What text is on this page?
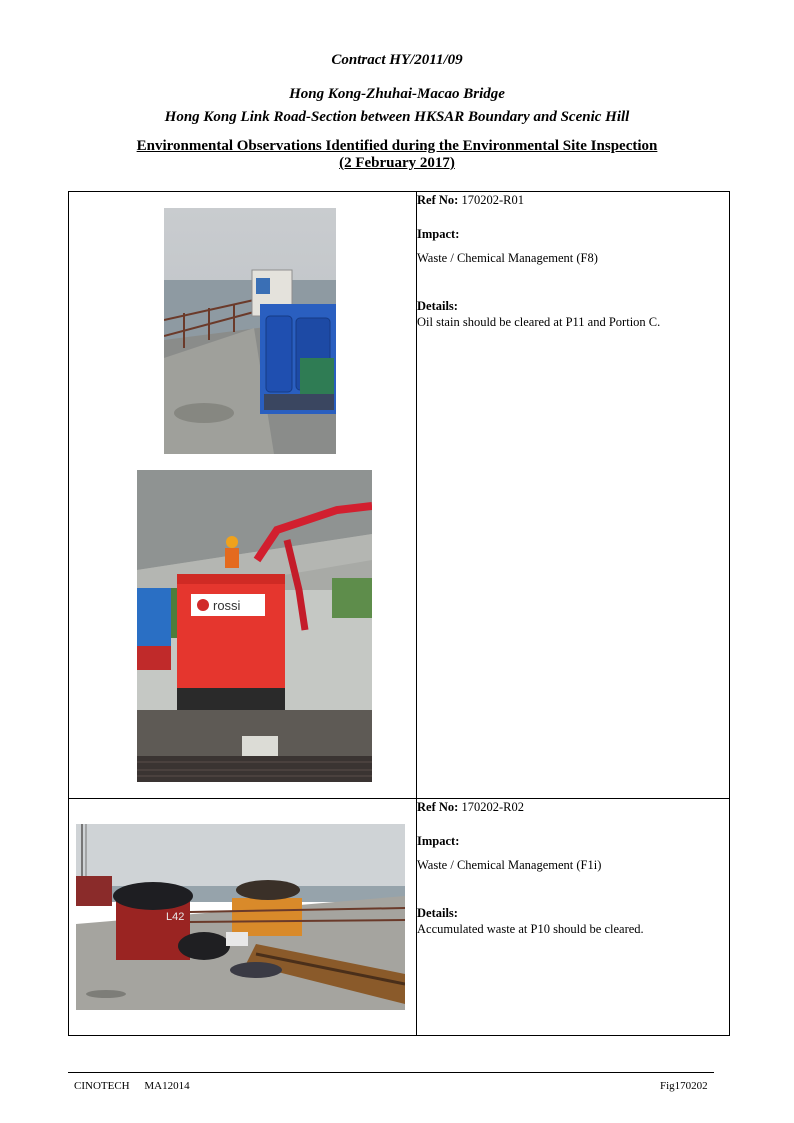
Contract HY/2011/09
Hong Kong-Zhuhai-Macao Bridge
Hong Kong Link Road-Section between HKSAR Boundary and Scenic Hill
Environmental Observations Identified during the Environmental Site Inspection
(2 February 2017)
rossi	Ref No: 170202-R01

Impact:

Waste / Chemical Management (F8)

Details:

Oil stain should be cleared at P11 and Portion C.

L42	Ref No: 170202-R02

Impact:

Waste / Chemical Management (F1i)

Details:

Accumulated waste at P10 should be cleared.

CINOTECH MA12014	Fig170202
